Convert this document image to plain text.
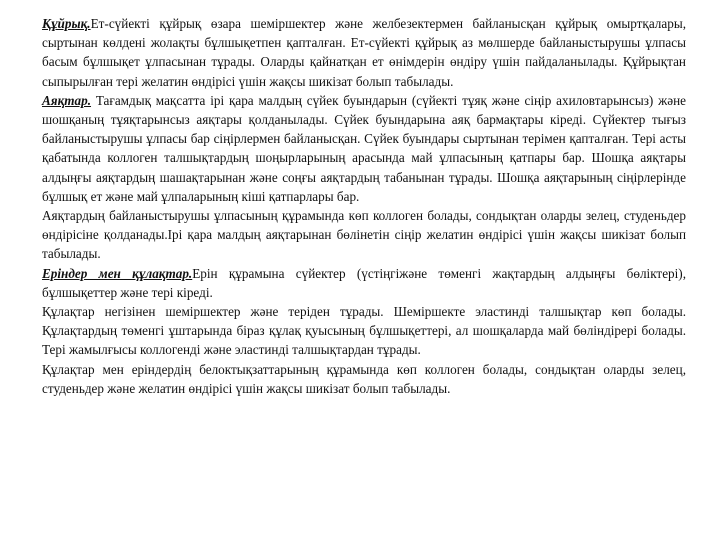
Құйрық.Ет-сүйекті құйрық өзара шеміршектер және желбезектермен байланысқан құйрық омыртқалары, сыртынан көлдені жолақты бұлшықетпен қапталған. Ет-сүйекті құйрық аз мөлшерде байланыстырушы ұлпасы басым бұлшықет ұлпасынан тұрады. Оларды қайнатқан ет өнімдерін өндіру үшін пайдаланылады. Құйрықтан сыпырылған тері желатин өндірісі үшін жақсы шикізат болып табылады.

Аяқтар. Тағамдық мақсатта ірі қара малдың сүйек буындарын (сүйекті тұяқ және сіңір ахиловтарынсыз) және шошқаның тұяқтарынсыз аяқтары қолданылады. Сүйек буындарына аяқ бармақтары кіреді. Сүйектер тығыз байланыстырушы ұлпасы бар сіңірлермен байланысқан. Сүйек буындары сыртынан терімен қапталған. Тері асты қабатында коллоген талшықтардың шоңырларының арасында май ұлпасының қатпары бар. Шошқа аяқтары алдыңғы аяқтардың шашақтарынан және соңғы аяқтардың табанынан тұрады. Шошқа аяқтарының сіңірлерінде бұлшық ет және май ұлпаларының кіші қатпарлары бар.

Аяқтардың байланыстырушы ұлпасының құрамында көп коллоген болады, сондықтан оларды зелец, студеньдер өндірісіне қолданады.Ірі қара малдың аяқтарынан бөлінетін сіңір желатин өндірісі үшін жақсы шикізат болып табылады.

Еріндер мен құлақтар.Ерін құрамына сүйектер (үстіңгіжәне төменгі жақтардың алдыңғы бөліктері), бұлшықеттер және тері кіреді.

Құлақтар негізінен шеміршектер және теріден тұрады. Шеміршекте эластинді талшықтар көп болады. Құлақтардың төменгі ұштарында біраз құлақ қуысының бұлшықеттері, ал шошқаларда май бөліндірері болады. Тері жамылғысы коллогенді және эластинді талшықтардан тұрады.

Құлақтар мен еріндердің белоктықзаттарының құрамында көп коллоген болады, сондықтан оларды зелец, студеньдер және желатин өндірісі үшін жақсы шикізат болып табылады.
